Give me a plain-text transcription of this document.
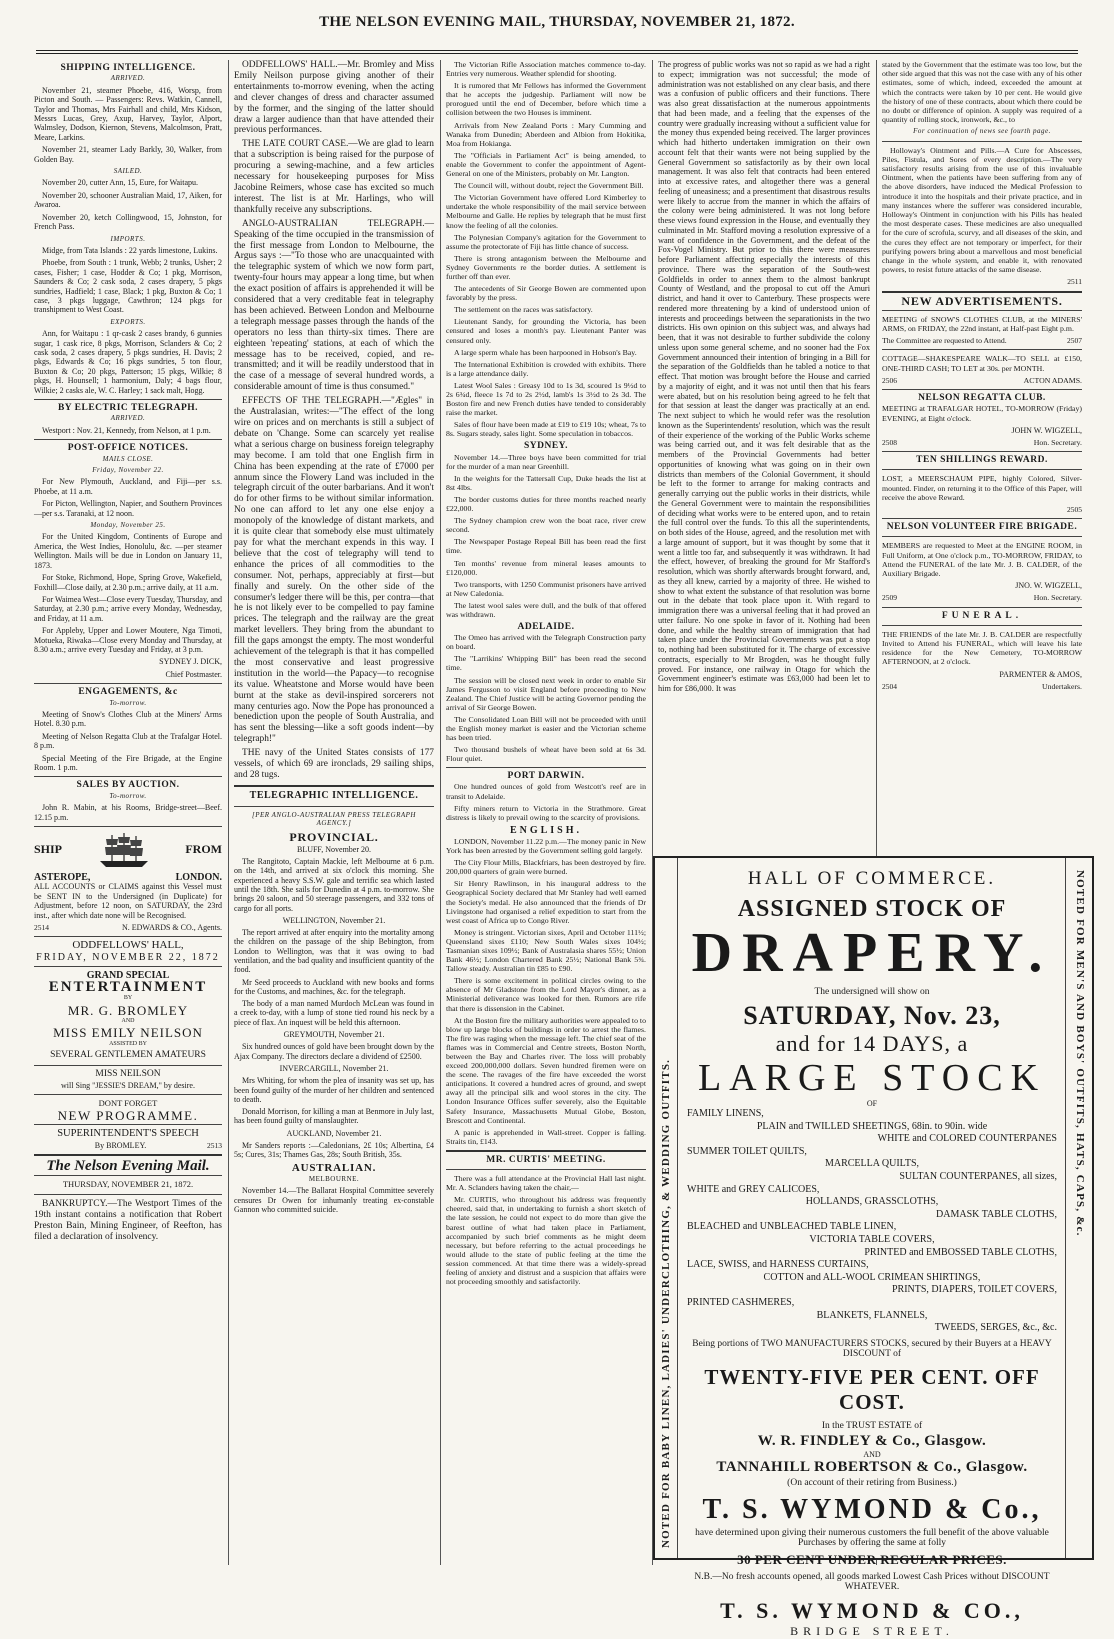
THE NELSON EVENING MAIL, THURSDAY, NOVEMBER 21, 1872.
SHIPPING INTELLIGENCE.
ARRIVED.

November 21, steamer Phoebe, 416, Worsp, from Picton and South. — Passengers: Revs. Watkin, Cannell, Taylor and Thomas, Mrs Fairhall and child, Mrs Kidson, Messrs Lucas, Grey, Axup, Harvey, Taylor, Alport, Walmsley, Dodson, Kiernon, Stevens, Malcolmson, Pratt, Meare, Larkins.

November 21, steamer Lady Barkly, 30, Walker, from Golden Bay.

SAILED.

November 20, cutter Ann, 15, Eure, for Waitapu.

November 20, schooner Australian Maid, 17, Aiken, for Awaroa.

November 20, ketch Collingwood, 15, Johnston, for French Pass.

IMPORTS.

Midge, from Tata Islands : 22 yards limestone, Lukins.

Phoebe, from South : 1 trunk, Webb; 2 trunks, Usher; 2 cases, Fisher; 1 case, Hodder & Co; 1 pkg, Morrison, Saunders & Co; 2 cask soda, 2 cases drapery, 5 pkgs sundries, Hadfield; 1 case, Black; 1 pkg, Buxton & Co; 1 case, 3 pkgs luggage, Cawthron; 124 pkgs for transhipment to West Coast.

EXPORTS.

Ann, for Waitapu : 1 qr-cask 2 cases brandy, 6 gunnies sugar, 1 cask rice, 8 pkgs, Morrison, Sclanders & Co; 2 cask soda, 2 cases drapery, 5 pkgs sundries, H. Davis; 2 pkgs, Edwards & Co; 16 pkgs sundries, 5 ton flour, Buxton & Co; 20 pkgs, Patterson; 15 pkgs, Wilkie; 8 pkgs, H. Hounsell; 1 harmonium, Daly; 4 bags flour, Wilkie; 2 casks ale, W. C. Harley; 1 sack malt, Hogg.

BY ELECTRIC TELEGRAPH.
ARRIVED.

Westport : Nov. 21, Kennedy, from Nelson, at 1 p.m.

POST-OFFICE NOTICES.
MAILS CLOSE.
Friday, November 22.

For New Plymouth, Auckland, and Fiji—per s.s. Phoebe, at 11 a.m.

For Picton, Wellington, Napier, and Southern Provinces—per s.s. Taranaki, at 12 noon.

Monday, November 25.

For the United Kingdom, Continents of Europe and America, the West Indies, Honolulu, &c. —per steamer Wellington. Mails will be due in London on January 11, 1873.

For Stoke, Richmond, Hope, Spring Grove, Wakefield, Foxhill—Close daily, at 2.30 p.m.; arrive daily, at 11 a.m.

For Waimea West—Close every Tuesday, Thursday, and Saturday, at 2.30 p.m.; arrive every Monday, Wednesday, and Friday, at 11 a.m.

For Appleby, Upper and Lower Moutere, Nga Timoti, Motueka, Riwaka—Close every Monday and Thursday, at 8.30 a.m.; arrive every Tuesday and Friday, at 3 p.m.

SYDNEY J. DICK,
Chief Postmaster.
ENGAGEMENTS, &c
To-morrow.

Meeting of Snow's Clothes Club at the Miners' Arms Hotel. 8.30 p.m.

Meeting of Nelson Regatta Club at the Trafalgar Hotel. 8 p.m.

Special Meeting of the Fire Brigade, at the Engine Room. 1 p.m.

SALES BY AUCTION.
To-morrow.

John R. Mabin, at his Rooms, Bridge-street—Beef. 12.15 p.m.

SHIP	FROM
ASTEROPE,	LONDON.

ALL ACCOUNTS or CLAIMS against this Vessel must be SENT IN to the Undersigned (in Duplicate) for Adjustment, before 12 noon, on SATURDAY, the 23rd inst., after which date none will be Recognised.

2514	N. EDWARDS & CO., Agents.
ODDFELLOWS' HALL,
FRIDAY, NOVEMBER 22, 1872
GRAND SPECIAL
ENTERTAINMENT
BY
MR. G. BROMLEY
AND
MISS EMILY NEILSON
ASSISTED BY
SEVERAL GENTLEMEN AMATEURS
MISS NEILSON
will Sing "JESSIE'S DREAM," by desire.
DONT FORGET
NEW PROGRAMME.
SUPERINTENDENT'S SPEECH
By BROMLEY.	2513
The Nelson Evening Mail.
THURSDAY, NOVEMBER 21, 1872.

BANKRUPTCY.—The Westport Times of the 19th instant contains a notification that Robert Preston Bain, Mining Engineer, of Reefton, has filed a declaration of insolvency.

ODDFELLOWS' HALL.—Mr. Bromley and Miss Emily Neilson purpose giving another of their entertainments to-morrow evening, when the acting and clever changes of dress and character assumed by the former, and the singing of the latter should draw a larger audience than that have attended their previous performances.

THE LATE COURT CASE.—We are glad to learn that a subscription is being raised for the purpose of procuring a sewing-machine, and a few articles necessary for housekeeping purposes for Miss Jacobine Reimers, whose case has excited so much interest. The list is at Mr. Harlings, who will thankfully receive any subscriptions.

ANGLO-AUSTRALIAN TELEGRAPH.—Speaking of the time occupied in the transmission of the first message from London to Melbourne, the Argus says :—"To those who are unacquainted with the telegraphic system of which we now form part, twenty-four hours may appear a long time, but when the exact position of affairs is apprehended it will be considered that a very creditable feat in telegraphy has been achieved. Between London and Melbourne a telegraph message passes through the hands of the operators no less than thirty-six times. There are eighteen 'repeating' stations, at each of which the message has to be received, copied, and re-transmitted; and it will be readily understood that in the case of a message of several hundred words, a considerable amount of time is thus consumed."

EFFECTS OF THE TELEGRAPH.—"Ægles" in the Australasian, writes:—"The effect of the long wire on prices and on merchants is still a subject of debate on 'Change. Some can scarcely yet realise what a serious charge on business foreign telegraphy may become. I am told that one English firm in China has been expending at the rate of £7000 per annum since the Flowery Land was included in the telegraph circuit of the outer barbarians. And it won't do for other firms to be without similar information. No one can afford to let any one else enjoy a monopoly of the knowledge of distant markets, and it is quite clear that somebody else must ultimately pay for what the merchant expends in this way. I believe that the cost of telegraphy will tend to enhance the prices of all commodities to the consumer. Not, perhaps, appreciably at first—but finally and surely. On the other side of the consumer's ledger there will be this, per contra—that he is not likely ever to be compelled to pay famine prices. The telegraph and the railway are the great market levellers. They bring from the abundant to fill the gaps amongst the empty. The most wonderful achievement of the telegraph is that it has compelled the most conservative and least progressive institution in the world—the Papacy—to recognise its value. Wheatstone and Morse would have been burnt at the stake as devil-inspired sorcerers not many centuries ago. Now the Pope has pronounced a benediction upon the people of South Australia, and has sent the blessing—like a soft goods indent—by telegraph!"

THE navy of the United States consists of 177 vessels, of which 69 are ironclads, 29 sailing ships, and 28 tugs.

TELEGRAPHIC INTELLIGENCE.
[PER ANGLO-AUSTRALIAN PRESS TELEGRAPH AGENCY.]
PROVINCIAL.
BLUFF, November 20.

The Rangitoto, Captain Mackie, left Melbourne at 6 p.m. on the 14th, and arrived at six o'clock this morning. She experienced a heavy S.S.W. gale and terrific sea which lasted until the 18th. She sails for Dunedin at 4 p.m. to-morrow. She brings 20 saloon, and 50 steerage passengers, and 332 tons of cargo for all ports.

WELLINGTON, November 21.

The report arrived at after enquiry into the mortality among the children on the passage of the ship Bebington, from London to Wellington, was that it was owing to bad ventilation, and the bad quality and insufficient quantity of the food.

Mr Seed proceeds to Auckland with new books and forms for the Customs, and machines, &c. for the telegraph.

The body of a man named Murdoch McLean was found in a creek to-day, with a lump of stone tied round his neck by a piece of flax. An inquest will be held this afternoon.

GREYMOUTH, November 21.

Six hundred ounces of gold have been brought down by the Ajax Company. The directors declare a dividend of £2500.

INVERCARGILL, November 21.

Mrs Whiting, for whom the plea of insanity was set up, has been found guilty of the murder of her children and sentenced to death.

Donald Morrison, for killing a man at Benmore in July last, has been found guilty of manslaughter.

AUCKLAND, November 21.

Mr Sanders reports :—Caledonians, 2£ 10s; Albertina, £4 5s; Cures, 31s; Thames Gas, 28s; South British, 35s.

AUSTRALIAN.
MELBOURNE.

November 14.—The Ballarat Hospital Committee severely censures Dr Owen for inhumanly treating ex-constable Gannon who committed suicide.

The Victorian Rifle Association matches commence to-day. Entries very numerous. Weather splendid for shooting.

It is rumored that Mr Fellows has informed the Government that he accepts the judgeship. Parliament will now be prorogued until the end of December, before which time a collision between the two Houses is imminent.

Arrivals from New Zealand Ports : Mary Cumming and Wanaka from Dunedin; Aberdeen and Albion from Hokitika, Moa from Hokianga.

The "Officials in Parliament Act" is being amended, to enable the Government to confer the appointment of Agent-General on one of the Ministers, probably on Mr. Langton.

The Council will, without doubt, reject the Government Bill.

The Victorian Government have offered Lord Kimberley to undertake the whole responsibility of the mail service between Melbourne and Galle. He replies by telegraph that he must first know the feeling of all the colonies.

The Polynesian Company's agitation for the Government to assume the protectorate of Fiji has little chance of success.

There is strong antagonism between the Melbourne and Sydney Governments re the border duties. A settlement is further off than ever.

The antecedents of Sir George Bowen are commented upon favorably by the press.

The settlement on the races was satisfactory.

Lieutenant Sandy, for grounding the Victoria, has been censured and loses a month's pay. Lieutenant Panter was censured only.

A large sperm whale has been harpooned in Hobson's Bay.

The International Exhibition is crowded with exhibits. There is a large attendance daily.

Latest Wool Sales : Greasy 10d to 1s 3d, scoured 1s 9½d to 2s 6¾d, fleece 1s 7d to 2s 2½d, lamb's 1s 3½d to 2s 3d. The Boston fire and new French duties have tended to considerably raise the market.

Sales of flour have been made at £19 to £19 10s; wheat, 7s to 8s. Sugars steady, sales light. Some speculation in tobaccos.

SYDNEY.

November 14.—Three boys have been committed for trial for the murder of a man near Greenhill.

In the weights for the Tattersall Cup, Duke heads the list at 8st 4lbs.

The border customs duties for three months reached nearly £22,000.

The Sydney champion crew won the boat race, river crew second.

The Newspaper Postage Repeal Bill has been read the first time.

Ten months' revenue from mineral leases amounts to £120,000.

Two transports, with 1250 Communist prisoners have arrived at New Caledonia.

The latest wool sales were dull, and the bulk of that offered was withdrawn.

ADELAIDE.

The Omeo has arrived with the Telegraph Construction party on board.

The "Larrikins' Whipping Bill" has been read the second time.

The session will be closed next week in order to enable Sir James Fergusson to visit England before proceeding to New Zealand. The Chief Justice will be acting Governor pending the arrival of Sir George Bowen.

The Consolidated Loan Bill will not be proceeded with until the English money market is easier and the Victorian scheme has been tried.

Two thousand bushels of wheat have been sold at 6s 3d. Flour quiet.

PORT DARWIN.

One hundred ounces of gold from Westcott's reef are in transit to Adelaide.

Fifty miners return to Victoria in the Strathmore. Great distress is likely to prevail owing to the scarcity of provisions.

ENGLISH.

LONDON, November 11.22 p.m.—The money panic in New York has been arrested by the Government selling gold largely.

The City Flour Mills, Blackfriars, has been destroyed by fire. 200,000 quarters of grain were burned.

Sir Henry Rawlinson, in his inaugural address to the Geographical Society declared that Mr Stanley had well earned the Society's medal. He also announced that the friends of Dr Livingstone had organised a relief expedition to start from the west coast of Africa up to Congo River.

Money is stringent. Victorian sixes, April and October 111½; Queensland sixes £110; New South Wales sixes 104½; Tasmanian sixes 109½; Bank of Australasia shares 55½; Union Bank 46½; London Chartered Bank 25½; National Bank 5¾. Tallow steady. Australian tin £85 to £90.

There is some excitement in political circles owing to the absence of Mr Gladstone from the Lord Mayor's dinner, as a Ministerial deliverance was looked for then. Rumors are rife that there is dissension in the Cabinet.

At the Boston fire the military authorities were appealed to to blow up large blocks of buildings in order to arrest the flames. The fire was raging when the message left. The chief seat of the flames was in Commercial and Centre streets, Boston North, between the Bay and Charles river. The loss will probably exceed 200,000,000 dollars. Seven hundred firemen were on the scene. The ravages of the fire have exceeded the worst anticipations. It covered a hundred acres of ground, and swept away all the principal silk and wool stores in the city. The London Insurance Offices suffer severely, also the Equitable Safety Insurance, Massachusetts Mutual Globe, Boston, Brescott and Continental.

A panic is apprehended in Wall-street. Copper is falling. Straits tin, £143.

MR. CURTIS' MEETING.

There was a full attendance at the Provincial Hall last night. Mr. A. Sclanders having taken the chair,—

Mr. CURTIS, who throughout his address was frequently cheered, said that, in undertaking to furnish a short sketch of the late session, he could not expect to do more than give the barest outline of what had taken place in Parliament, accompanied by such brief comments as he might deem necessary, but before referring to the actual proceedings he would allude to the state of public feeling at the time the session commenced. At that time there was a widely-spread feeling of anxiety and distrust and a suspicion that affairs were not proceeding smoothly and satisfactorily.

The progress of public works was not so rapid as we had a right to expect; immigration was not successful; the mode of administration was not established on any clear basis, and there was a confusion of public officers and their functions. There was also great dissatisfaction at the numerous appointments that had been made, and a feeling that the expenses of the country were gradually increasing without a sufficient value for the money thus expended being received. The larger provinces which had hitherto undertaken immigration on their own account felt that their wants were not being supplied by the General Government so satisfactorily as by their own local management. It was also felt that contracts had been entered into at excessive rates, and altogether there was a general feeling of uneasiness; and a presentiment that disastrous results were likely to accrue from the manner in which the affairs of the colony were being administered. It was not long before these views found expression in the House, and eventually they culminated in Mr. Stafford moving a resolution expressive of a want of confidence in the Government, and the defeat of the Fox-Vogel Ministry. But prior to this there were measures before Parliament affecting especially the interests of this province. There was the separation of the South-west Goldfields in order to annex them to the almost bankrupt County of Westland, and the proposal to cut off the Amuri district, and hand it over to Canterbury. These prospects were rendered more threatening by a kind of understood union of interests and proceedings between the separationists in the two districts. His own opinion on this subject was, and always had been, that it was not desirable to further subdivide the colony unless upon some general scheme, and no sooner had the Fox Government announced their intention of bringing in a Bill for the separation of the Goldfields than he tabled a notice to that effect. That motion was brought before the House and carried by a majority of eight, and it was not until then that his fears were abated, but on his resolution being agreed to he felt that for that session at least the danger was practically at an end. The next subject to which he would refer was the resolution known as the Superintendents' resolution, which was the result of their experience of the working of the Public Works scheme was being carried out, and it was felt desirable that as the members of the Provincial Governments had better opportunities of knowing what was going on in their own districts than members of the Colonial Government, it should be left to the former to arrange for making contracts and generally carrying out the public works in their districts, while the General Government were to maintain the responsibilities of deciding what works were to be entered upon, and to retain the full control over the funds. To this all the superintendents, on both sides of the House, agreed, and the resolution met with a large amount of support, but it was thought by some that it went a little too far, and subsequently it was withdrawn. It had the effect, however, of breaking the ground for Mr Stafford's resolution, which was shortly afterwards brought forward, and, as they all knew, carried by a majority of three. He wished to show to what extent the substance of that resolution was borne out in the debate that took place upon it. With regard to immigration there was a universal feeling that it had proved an utter failure. No one spoke in favor of it. Nothing had been done, and while the healthy stream of immigration that had taken place under the Provincial Governments was put a stop to, nothing had been substituted for it. The charge of excessive contracts, especially to Mr Brogden, was he thought fully proved. For instance, one railway in Otago for which the Government engineer's estimate was £63,000 had been let to him for £86,000. It was

stated by the Government that the estimate was too low, but the other side argued that this was not the case with any of his other estimates, some of which, indeed, exceeded the amount at which the contracts were taken by 10 per cent. He would give the history of one of these contracts, about which there could be no doubt or difference of opinion. A supply was required of a quantity of rolling stock, ironwork, &c., to

For continuation of news see fourth page.

Holloway's Ointment and Pills.—A Cure for Abscesses, Piles, Fistula, and Sores of every description.—The very satisfactory results arising from the use of this invaluable Ointment, when the patients have been suffering from any of the above disorders, have induced the Medical Profession to introduce it into the hospitals and their private practice, and in many instances where the sufferer was considered incurable, Holloway's Ointment in conjunction with his Pills has healed the most desperate cases. These medicines are also unequalled for the cure of scrofula, scurvy, and all diseases of the skin, and the cures they effect are not temporary or imperfect, for their purifying powers bring about a marvellous and most beneficial change in the whole system, and enable it, with renovated powers, to resist future attacks of the same disease.

2511
NEW ADVERTISEMENTS.

MEETING of SNOW'S CLOTHES CLUB, at the MINERS' ARMS, on FRIDAY, the 22nd instant, at Half-past Eight p.m.

The Committee are requested to Attend.	2507

COTTAGE—SHAKESPEARE WALK—TO SELL at £150, ONE-THIRD CASH; TO LET at 30s. per MONTH.

2506	ACTON ADAMS.
NELSON REGATTA CLUB.

MEETING at TRAFALGAR HOTEL, TO-MORROW (Friday) EVENING, at Eight o'clock.

JOHN W. WIGZELL,
2508	Hon. Secretary.
TEN SHILLINGS REWARD.

LOST, a MEERSCHAUM PIPE, highly Colored, Silver-mounted. Finder, on returning it to the Office of this Paper, will receive the above Reward.

2505
NELSON VOLUNTEER FIRE BRIGADE.

MEMBERS are requested to Meet at the ENGINE ROOM, in Full Uniform, at One o'clock p.m., TO-MORROW, FRIDAY, to Attend the FUNERAL of the late Mr. J. B. CALDER, of the Auxiliary Brigade.

JNO. W. WIGZELL,
2509	Hon. Secretary.
FUNERAL.

THE FRIENDS of the late Mr. J. B. CALDER are respectfully Invited to Attend his FUNERAL, which will leave his late residence for the New Cemetery, TO-MORROW AFTERNOON, at 2 o'clock.

PARMENTER & AMOS,
2504	Undertakers.
NOTED FOR BABY LINEN, LADIES' UNDERCLOTHING, & WEDDING OUTFITS.
NOTED FOR MEN'S AND BOYS' OUTFITS, HATS, CAPS, &c.
HALL OF COMMERCE.
ASSIGNED STOCK OF
DRAPERY.
The undersigned will show on
SATURDAY, Nov. 23,
and for 14 DAYS, a
LARGE STOCK
OF
FAMILY LINENS,
PLAIN and TWILLED SHEETINGS, 68in. to 90in. wide
WHITE and COLORED COUNTERPANES
SUMMER TOILET QUILTS,
MARCELLA QUILTS,
SULTAN COUNTERPANES, all sizes,
WHITE and GREY CALICOES,
HOLLANDS, GRASSCLOTHS,
DAMASK TABLE CLOTHS,
BLEACHED and UNBLEACHED TABLE LINEN,
VICTORIA TABLE COVERS,
PRINTED and EMBOSSED TABLE CLOTHS,
LACE, SWISS, and HARNESS CURTAINS,
COTTON and ALL-WOOL CRIMEAN SHIRTINGS,
PRINTS, DIAPERS, TOILET COVERS,
PRINTED CASHMERES,
BLANKETS, FLANNELS,
TWEEDS, SERGES, &c., &c.
Being portions of TWO MANUFACTURERS STOCKS, secured by their Buyers at a HEAVY DISCOUNT of
TWENTY-FIVE PER CENT. OFF COST.
In the TRUST ESTATE of
W. R. FINDLEY & Co., Glasgow.
AND
TANNAHILL ROBERTSON & Co., Glasgow.
(On account of their retiring from Business.)
T. S. WYMOND & Co.,
have determined upon giving their numerous customers the full benefit of the above valuable Purchases by offering the same at folly
30 PER CENT UNDER REGULAR PRICES.
N.B.—No fresh accounts opened, all goods marked Lowest Cash Prices without DISCOUNT WHATEVER.
T. S. WYMOND & CO.,
BRIDGE STREET.
